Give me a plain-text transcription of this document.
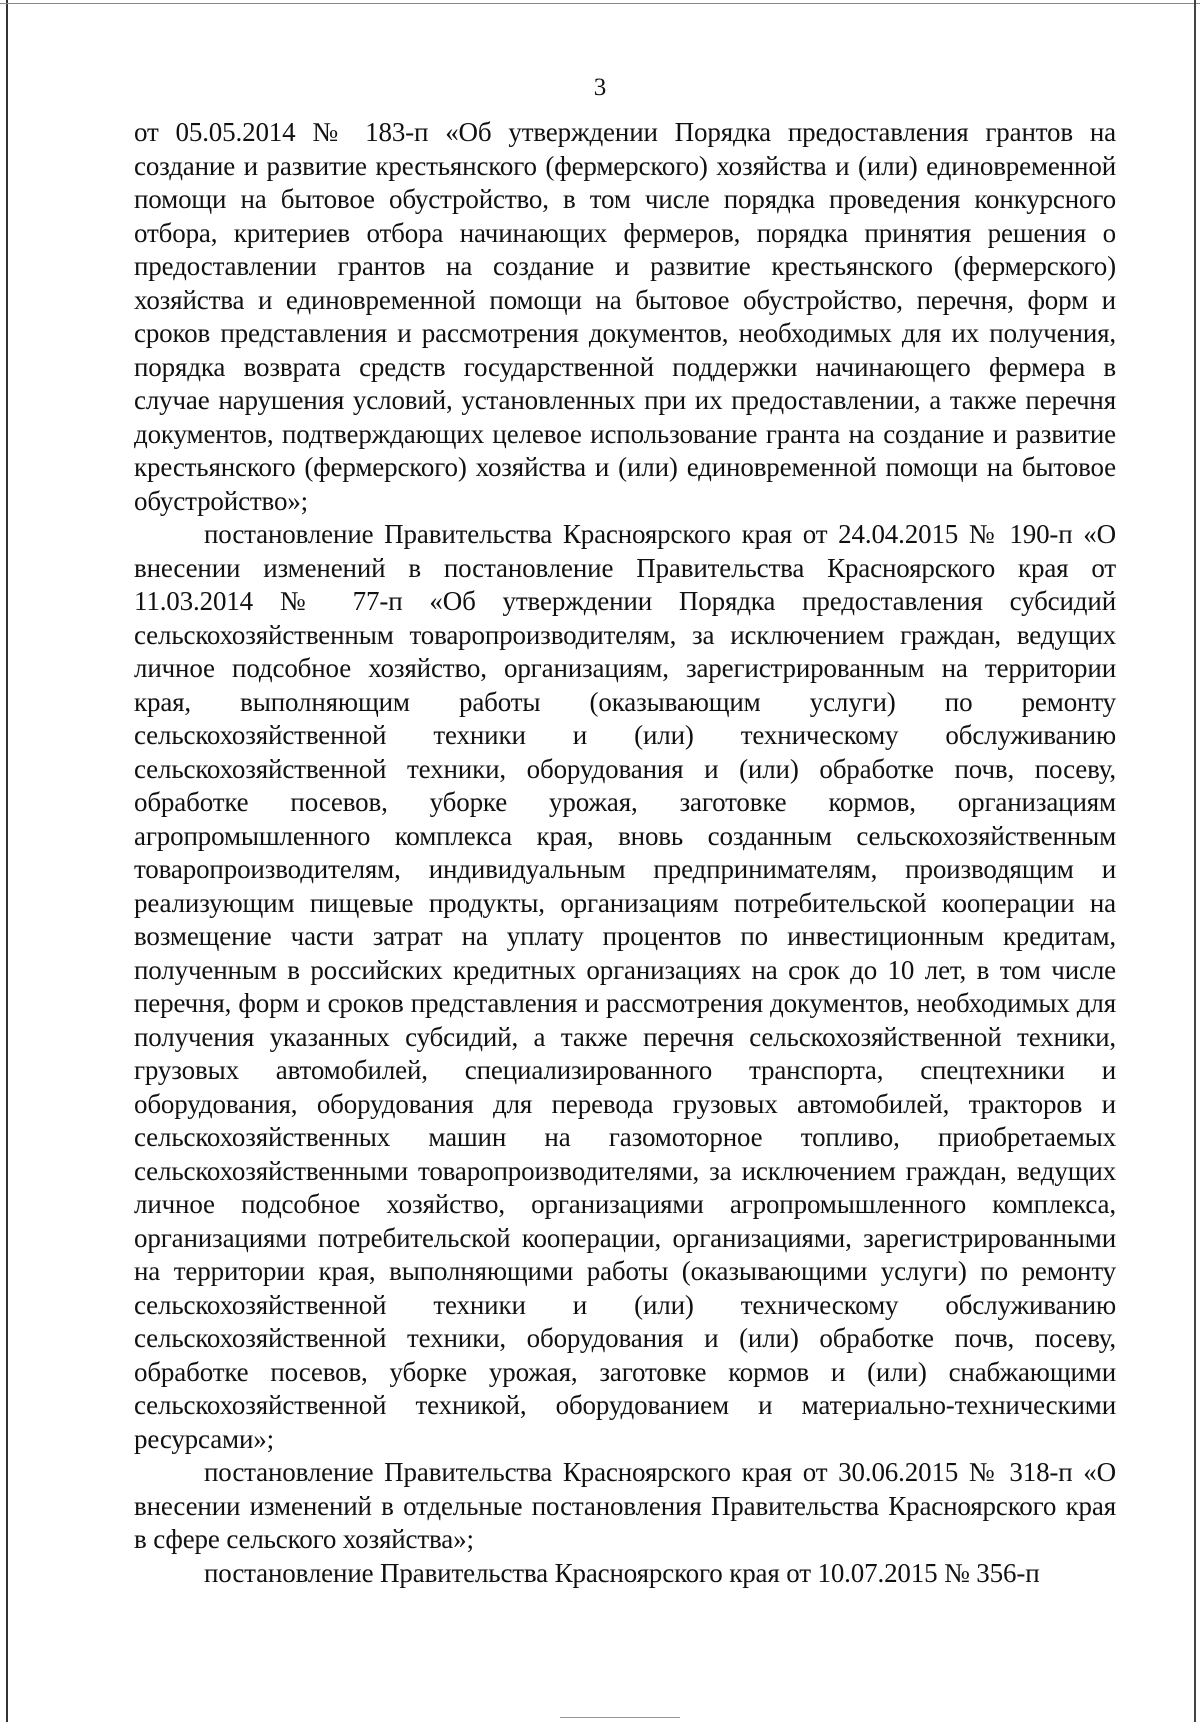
3

от 05.05.2014 № 183-п «Об утверждении Порядка предоставления грантов на создание и развитие крестьянского (фермерского) хозяйства и (или) единовременной помощи на бытовое обустройство, в том числе порядка проведения конкурсного отбора, критериев отбора начинающих фермеров, порядка принятия решения о предоставлении грантов на создание и развитие крестьянского (фермерского) хозяйства и единовременной помощи на бытовое обустройство, перечня, форм и сроков представления и рассмотрения документов, необходимых для их получения, порядка возврата средств государственной поддержки начинающего фермера в случае нарушения условий, установленных при их предоставлении, а также перечня документов, подтверждающих целевое использование гранта на создание и развитие крестьянского (фермерского) хозяйства и (или) единовременной помощи на бытовое обустройство»;

постановление Правительства Красноярского края от 24.04.2015 № 190-п «О внесении изменений в постановление Правительства Красноярского края от 11.03.2014 № 77-п «Об утверждении Порядка предоставления субсидий сельскохозяйственным товаропроизводителям, за исключением граждан, ведущих личное подсобное хозяйство, организациям, зарегистрированным на территории края, выполняющим работы (оказывающим услуги) по ремонту сельскохозяйственной техники и (или) техническому обслуживанию сельскохозяйственной техники, оборудования и (или) обработке почв, посеву, обработке посевов, уборке урожая, заготовке кормов, организациям агропромышленного комплекса края, вновь созданным сельскохозяйственным товаропроизводителям, индивидуальным предпринимателям, производящим и реализующим пищевые продукты, организациям потребительской кооперации на возмещение части затрат на уплату процентов по инвестиционным кредитам, полученным в российских кредитных организациях на срок до 10 лет, в том числе перечня, форм и сроков представления и рассмотрения документов, необходимых для получения указанных субсидий, а также перечня сельскохозяйственной техники, грузовых автомобилей, специализированного транспорта, спецтехники и оборудования, оборудования для перевода грузовых автомобилей, тракторов и сельскохозяйственных машин на газомоторное топливо, приобретаемых сельскохозяйственными товаропроизводителями, за исключением граждан, ведущих личное подсобное хозяйство, организациями агропромышленного комплекса, организациями потребительской кооперации, организациями, зарегистрированными на территории края, выполняющими работы (оказывающими услуги) по ремонту сельскохозяйственной техники и (или) техническому обслуживанию сельскохозяйственной техники, оборудования и (или) обработке почв, посеву, обработке посевов, уборке урожая, заготовке кормов и (или) снабжающими сельскохозяйственной техникой, оборудованием и материально-техническими ресурсами»;

постановление Правительства Красноярского края от 30.06.2015 № 318-п «О внесении изменений в отдельные постановления Правительства Красноярского края в сфере сельского хозяйства»;

постановление Правительства Красноярского края от 10.07.2015 № 356-п
